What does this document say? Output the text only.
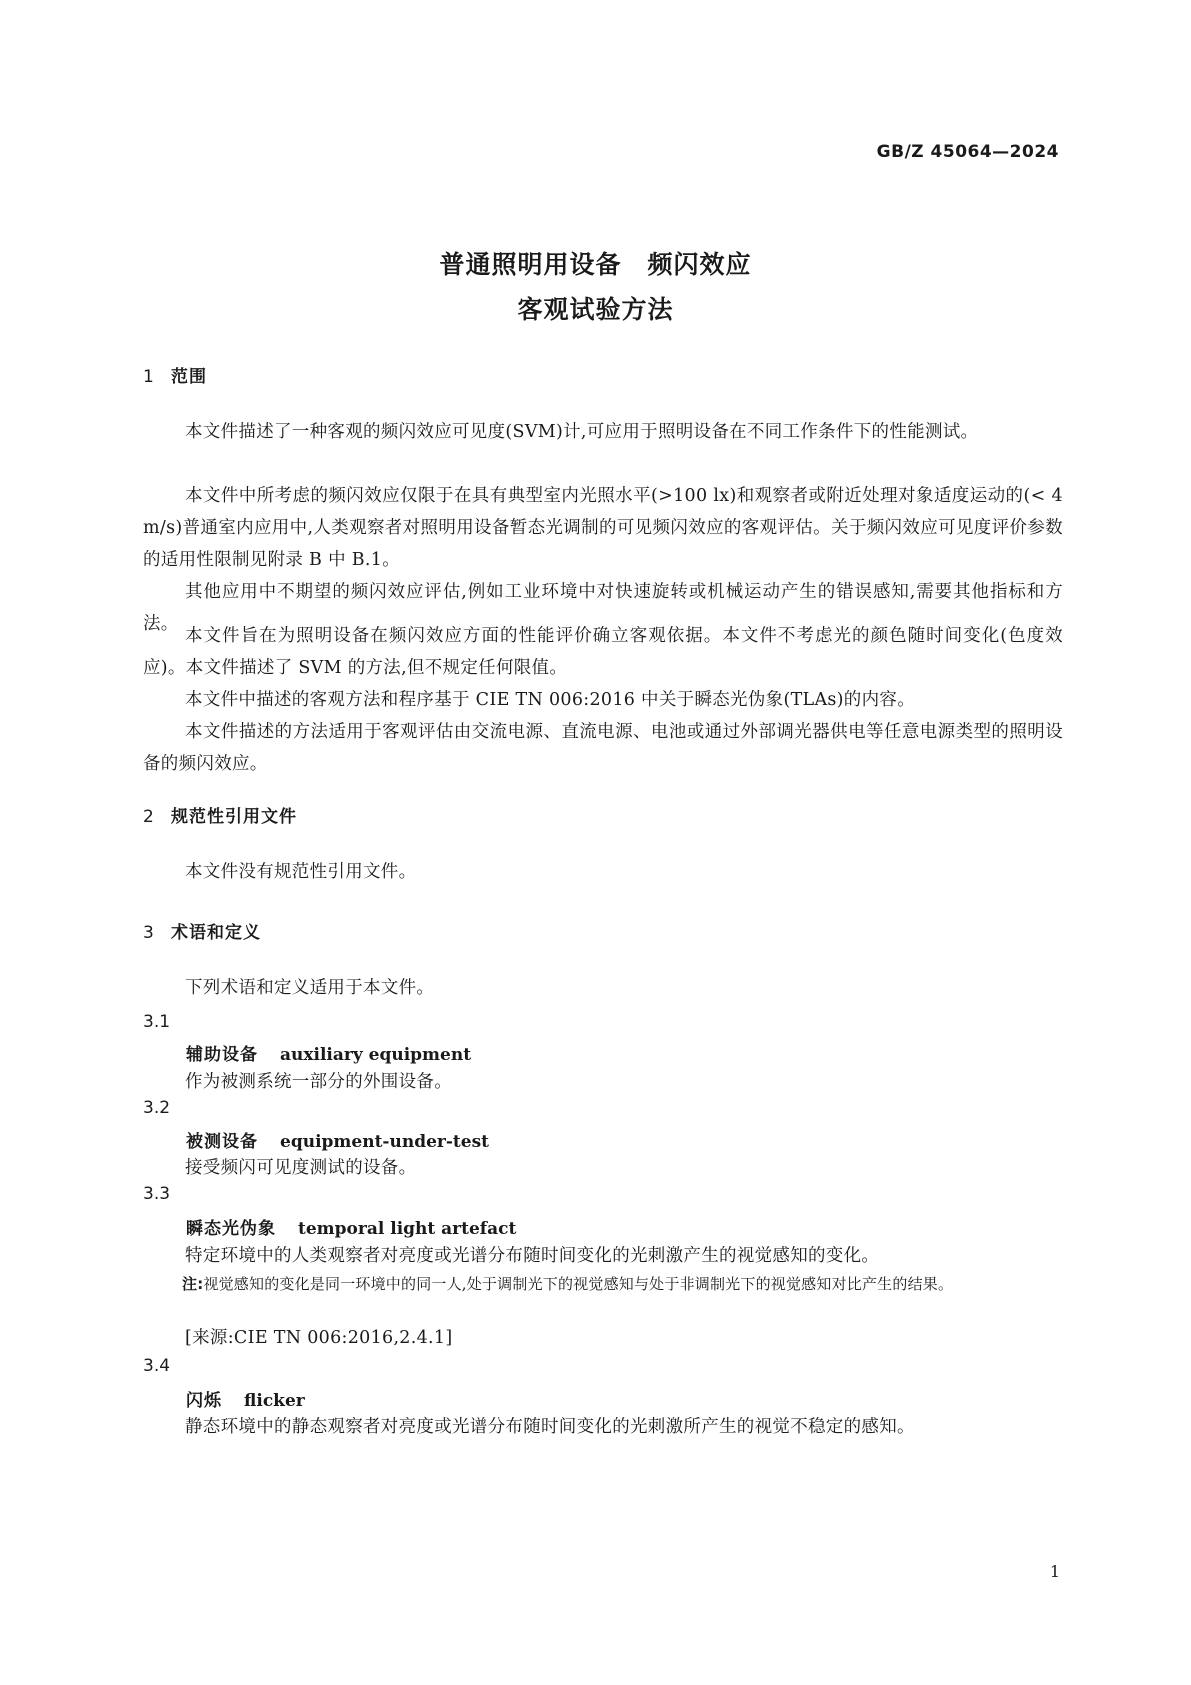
GB/Z 45064—2024
普通照明用设备　频闪效应
客观试验方法
1 范围
本文件描述了一种客观的频闪效应可见度(SVM)计,可应用于照明设备在不同工作条件下的性能测试。
本文件中所考虑的频闪效应仅限于在具有典型室内光照水平(>100 lx)和观察者或附近处理对象适度运动的(< 4 m/s)普通室内应用中,人类观察者对照明用设备暂态光调制的可见频闪效应的客观评估。关于频闪效应可见度评价参数的适用性限制见附录 B 中 B.1。
其他应用中不期望的频闪效应评估,例如工业环境中对快速旋转或机械运动产生的错误感知,需要其他指标和方法。
本文件旨在为照明设备在频闪效应方面的性能评价确立客观依据。本文件不考虑光的颜色随时间变化(色度效应)。本文件描述了 SVM 的方法,但不规定任何限值。
本文件中描述的客观方法和程序基于 CIE TN 006:2016 中关于瞬态光伪象(TLAs)的内容。
本文件描述的方法适用于客观评估由交流电源、直流电源、电池或通过外部调光器供电等任意电源类型的照明设备的频闪效应。
2 规范性引用文件
本文件没有规范性引用文件。
3 术语和定义
下列术语和定义适用于本文件。
3.1
辅助设备 auxiliary equipment
作为被测系统一部分的外围设备。
3.2
被测设备 equipment-under-test
接受频闪可见度测试的设备。
3.3
瞬态光伪象 temporal light artefact
特定环境中的人类观察者对亮度或光谱分布随时间变化的光刺激产生的视觉感知的变化。
注:视觉感知的变化是同一环境中的同一人,处于调制光下的视觉感知与处于非调制光下的视觉感知对比产生的结果。
[来源:CIE TN 006:2016,2.4.1]
3.4
闪烁 flicker
静态环境中的静态观察者对亮度或光谱分布随时间变化的光刺激所产生的视觉不稳定的感知。
1
